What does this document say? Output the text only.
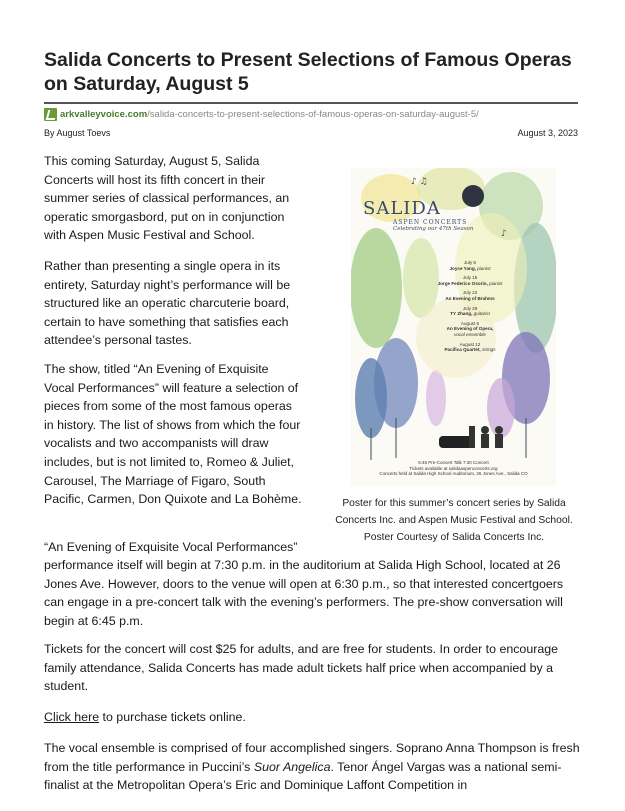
Salida Concerts to Present Selections of Famous Operas on Saturday, August 5
arkvalleyvoice.com /salida-concerts-to-present-selections-of-famous-operas-on-saturday-august-5/
By August Toevs	August 3, 2023

This coming Saturday, August 5, Salida Concerts will host its fifth concert in their summer series of classical performances, an operatic smorgasbord, put on in conjunction with Aspen Music Festival and School.

Rather than presenting a single opera in its entirety, Saturday night’s performance will be structured like an operatic charcuterie board, certain to have something that satisfies each attendee’s personal tastes.

The show, titled “An Evening of Exquisite Vocal Performances” will feature a selection of pieces from some of the most famous operas in history. The list of shows from which the four vocalists and two accompanists will draw includes, but is not limited to, Romeo & Juliet, Carousel, The Marriage of Figaro, South Pacific, Carmen, Don Quixote and La Bohème.

“An Evening of Exquisite Vocal Performances”

performance itself will begin at 7:30 p.m. in the auditorium at Salida High School, located at 26 Jones Ave. However, doors to the venue will open at 6:30 p.m., so that interested concertgoers can engage in a pre-concert talk with the evening’s performers. The pre-show conversation will begin at 6:45 p.m.

Tickets for the concert will cost $25 for adults, and are free for students. In order to encourage family attendance, Salida Concerts has made adult tickets half price when accompanied by a student.

Click here to purchase tickets online.

The vocal ensemble is comprised of four accomplished singers. Soprano Anna Thompson is fresh from the title performance in Puccini’s Suor Angelica. Tenor Ángel Vargas was a national semi-finalist at the Metropolitan Opera’s Eric and Dominique Laffont Competition in

♪ ♫
♪
SALIDA
ASPEN CONCERTS
Celebrating our 47th Season
July 8
Joyce Yang, pianist
July 15
Jorge Federico Osorio, pianist
July 22
An Evening of Brahms
July 29
TY Zhang, guitarist
August 5
An Evening of Opera,
vocal ensemble
August 12
Pacifica Quartet, strings
6:45 Pre-Concert Talk 7:30 Concert
Tickets available at salidaaspenconcerts.org
Concerts held at Salida High School Auditorium, 26 Jones Ave., Salida CO

Poster for this summer’s concert series by Salida Concerts Inc. and Aspen Music Festival and School. Poster Courtesy of Salida Concerts Inc.
